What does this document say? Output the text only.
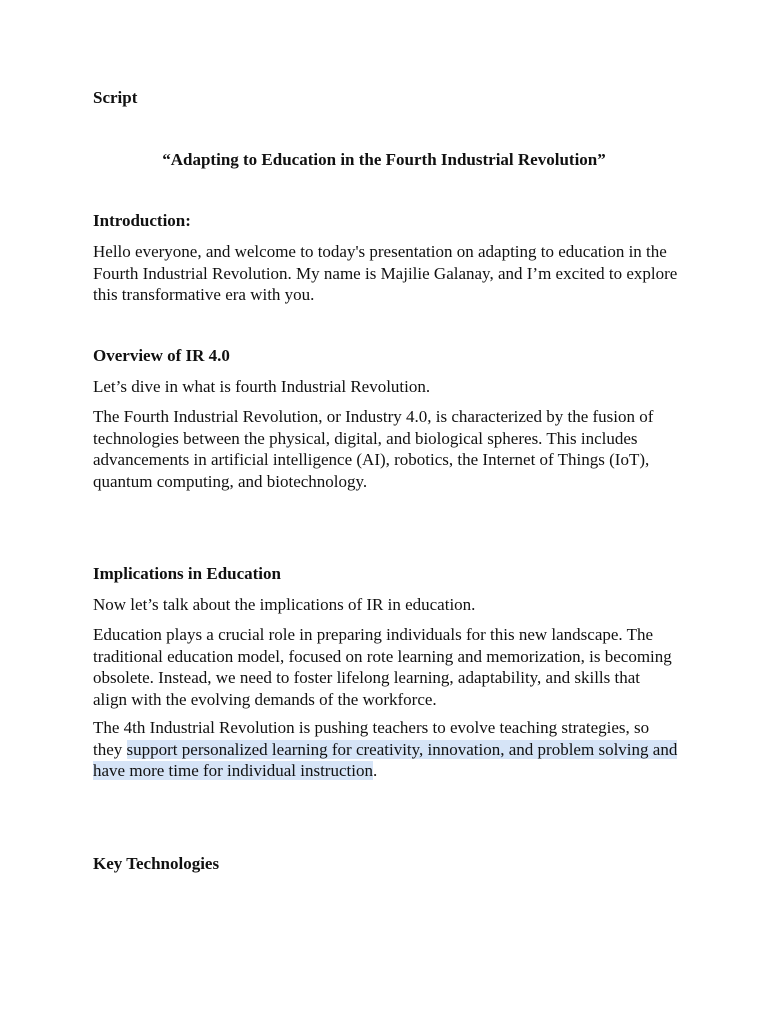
Script

“Adapting to Education in the Fourth Industrial Revolution”

Introduction:

Hello everyone, and welcome to today's presentation on adapting to education in the Fourth Industrial Revolution. My name is Majilie Galanay, and I’m excited to explore this transformative era with you.

Overview of IR 4.0

Let’s dive in what is fourth Industrial Revolution.

The Fourth Industrial Revolution, or Industry 4.0, is characterized by the fusion of technologies between the physical, digital, and biological spheres. This includes advancements in artificial intelligence (AI), robotics, the Internet of Things (IoT), quantum computing, and biotechnology.

Implications in Education

Now let’s talk about the implications of IR in education.

Education plays a crucial role in preparing individuals for this new landscape. The traditional education model, focused on rote learning and memorization, is becoming obsolete. Instead, we need to foster lifelong learning, adaptability, and skills that align with the evolving demands of the workforce.

The 4th Industrial Revolution is pushing teachers to evolve teaching strategies, so they support personalized learning for creativity, innovation, and problem solving and have more time for individual instruction.

Key Technologies
